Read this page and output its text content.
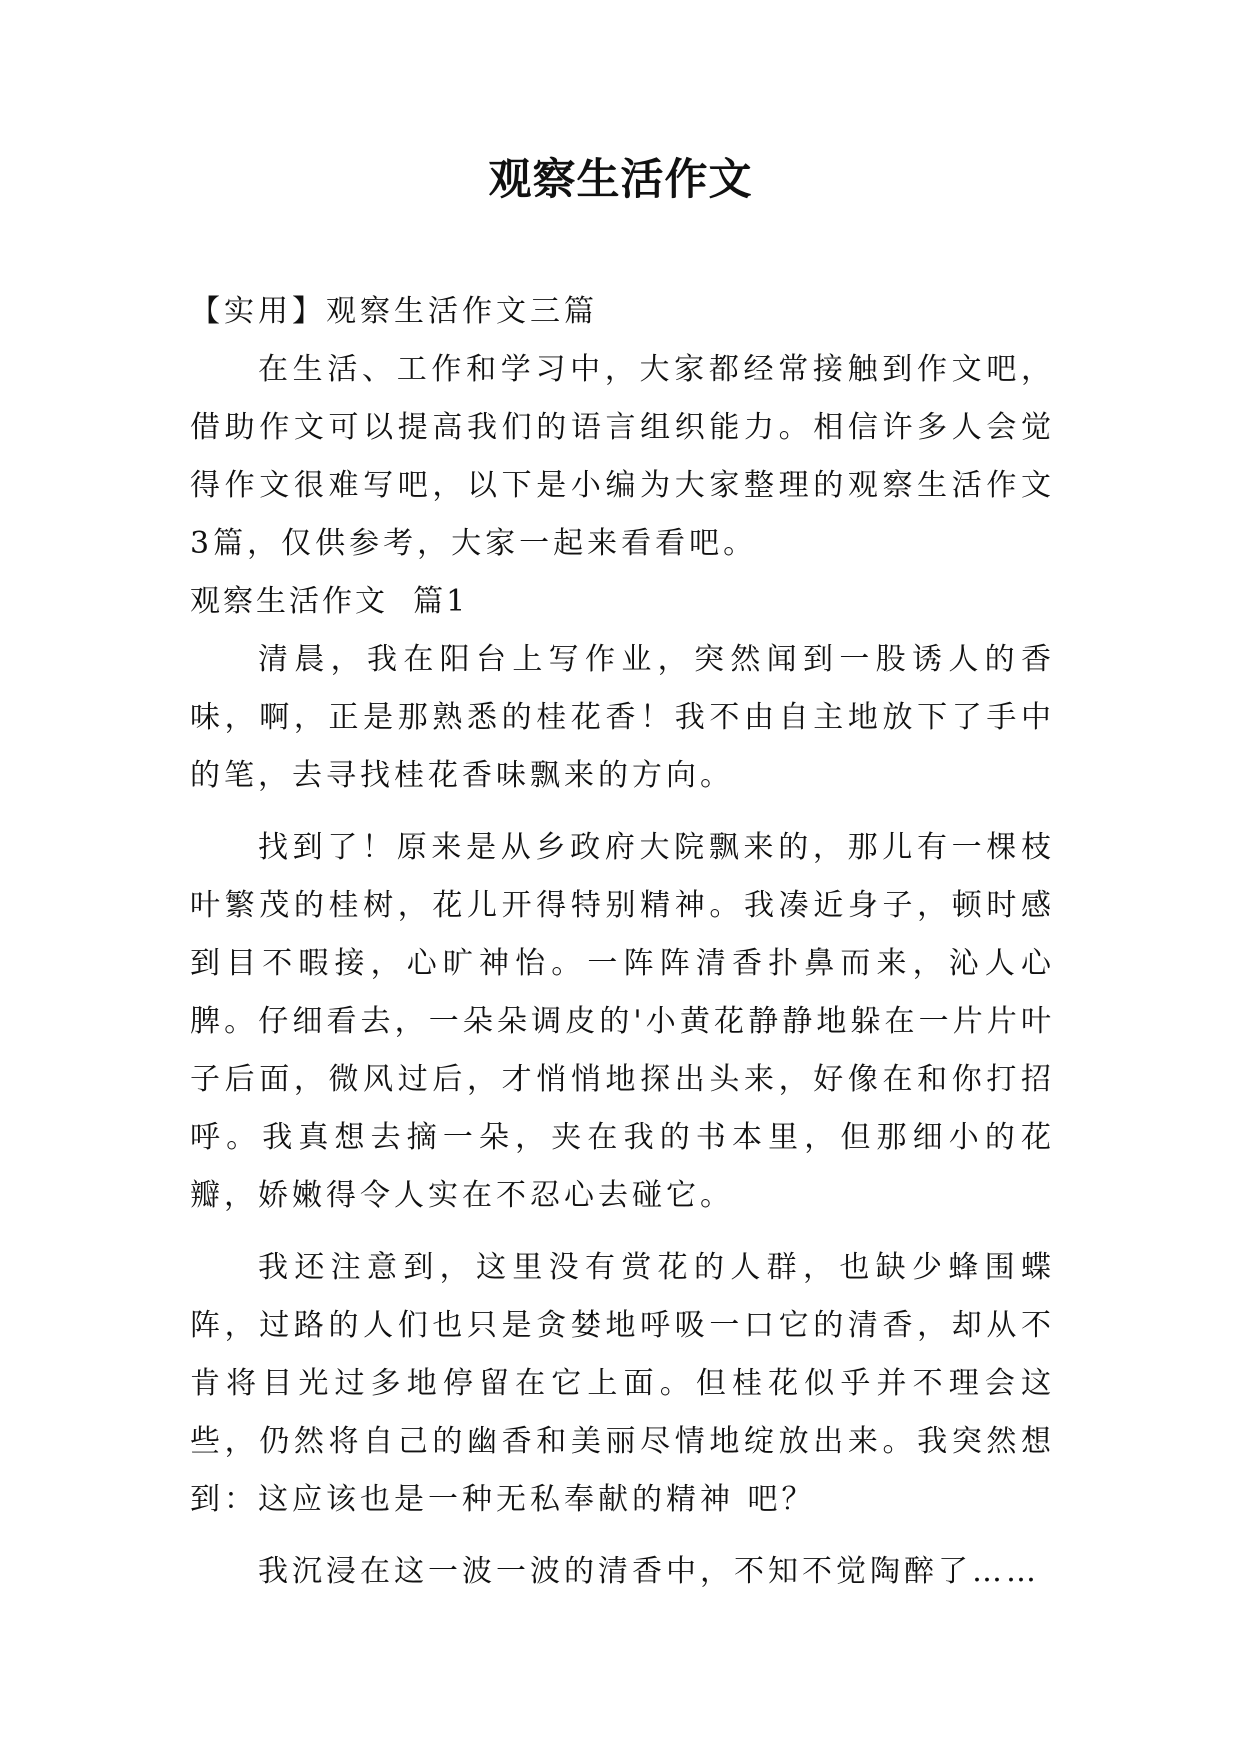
观察生活作文

【实用】观察生活作文三篇

在生活、工作和学习中，大家都经常接触到作文吧，借助作文可以提高我们的语言组织能力。相信许多人会觉得作文很难写吧，以下是小编为大家整理的观察生活作文3篇，仅供参考，大家一起来看看吧。

观察生活作文  篇1

清晨，我在阳台上写作业，突然闻到一股诱人的香味，啊，正是那熟悉的桂花香！我不由自主地放下了手中的笔，去寻找桂花香味飘来的方向。

找到了！原来是从乡政府大院飘来的，那儿有一棵枝叶繁茂的桂树，花儿开得特别精神。我凑近身子，顿时感到目不暇接，心旷神怡。一阵阵清香扑鼻而来，沁人心脾。仔细看去，一朵朵调皮的'小黄花静静地躲在一片片叶子后面，微风过后，才悄悄地探出头来，好像在和你打招呼。我真想去摘一朵，夹在我的书本里，但那细小的花瓣，娇嫩得令人实在不忍心去碰它。

我还注意到，这里没有赏花的人群，也缺少蜂围蝶阵，过路的人们也只是贪婪地呼吸一口它的清香，却从不肯将目光过多地停留在它上面。但桂花似乎并不理会这些，仍然将自己的幽香和美丽尽情地绽放出来。我突然想到：这应该也是一种无私奉献的精神 吧？

我沉浸在这一波一波的清香中，不知不觉陶醉了……
